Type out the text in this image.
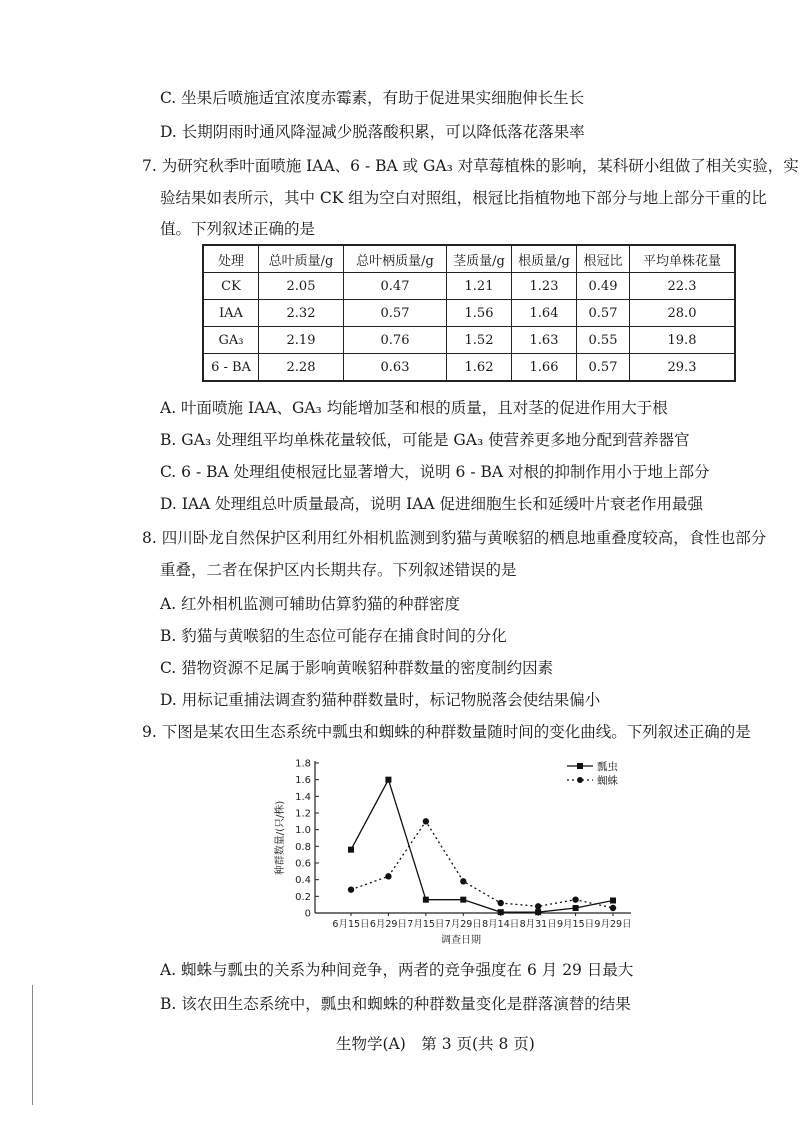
C. 坐果后喷施适宜浓度赤霉素，有助于促进果实细胞伸长生长
D. 长期阴雨时通风降湿减少脱落酸积累，可以降低落花落果率
7. 为研究秋季叶面喷施 IAA、6 - BA 或 GA₃ 对草莓植株的影响，某科研小组做了相关实验，实
验结果如表所示，其中 CK 组为空白对照组，根冠比指植物地下部分与地上部分干重的比
值。下列叙述正确的是
处理	总叶质量/g	总叶柄质量/g	茎质量/g	根质量/g	根冠比	平均单株花量
CK	2.05	0.47	1.21	1.23	0.49	22.3
IAA	2.32	0.57	1.56	1.64	0.57	28.0
GA₃	2.19	0.76	1.52	1.63	0.55	19.8
6 - BA	2.28	0.63	1.62	1.66	0.57	29.3
A. 叶面喷施 IAA、GA₃ 均能增加茎和根的质量，且对茎的促进作用大于根
B. GA₃ 处理组平均单株花量较低，可能是 GA₃ 使营养更多地分配到营养器官
C. 6 - BA 处理组使根冠比显著增大，说明 6 - BA 对根的抑制作用小于地上部分
D. IAA 处理组总叶质量最高，说明 IAA 促进细胞生长和延缓叶片衰老作用最强
8. 四川卧龙自然保护区利用红外相机监测到豹猫与黄喉貂的栖息地重叠度较高，食性也部分
重叠，二者在保护区内长期共存。下列叙述错误的是
A. 红外相机监测可辅助估算豹猫的种群密度
B. 豹猫与黄喉貂的生态位可能存在捕食时间的分化
C. 猎物资源不足属于影响黄喉貂种群数量的密度制约因素
D. 用标记重捕法调查豹猫种群数量时，标记物脱落会使结果偏小
9. 下图是某农田生态系统中瓢虫和蜘蛛的种群数量随时间的变化曲线。下列叙述正确的是
0
0.2
0.4
0.6
0.8
1.0
1.2
1.4
1.6
1.8
6月15日 6月29日 7月15日 7月29日 8月14日 8月31日 9月15日 9月29日
调查日期
种群数量/(只/株)
瓢虫
蜘蛛
A. 蜘蛛与瓢虫的关系为种间竞争，两者的竞争强度在 6 月 29 日最大
B. 该农田生态系统中，瓢虫和蜘蛛的种群数量变化是群落演替的结果
生物学(A)　第 3 页(共 8 页)
